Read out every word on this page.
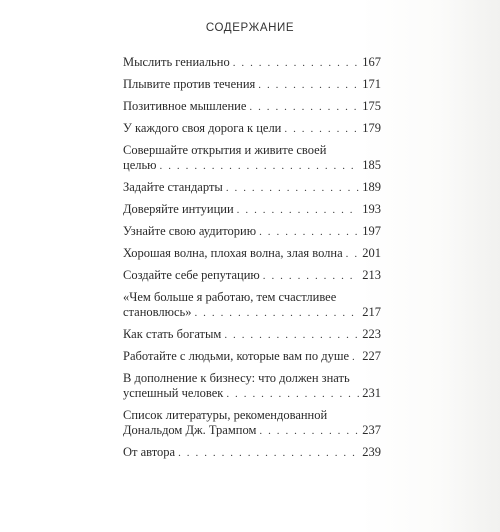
СОДЕРЖАНИЕ
Мыслить гениально . . .	167
Плывите против течения . . .	171
Позитивное мышление . . .	175
У каждого своя дорога к цели . . .	179
Совершайте открытия и живите своей
целью . . .	185
Задайте стандарты . . .	189
Доверяйте интуиции . . .	193
Узнайте свою аудиторию . . .	197
Хорошая волна, плохая волна, злая волна . . . 201
Создайте себе репутацию . . .	213
«Чем больше я работаю, тем счастливее
становлюсь» . . .	217
Как стать богатым . . .	223
Работайте с людьми, которые вам по душе . . . 227
В дополнение к бизнесу: что должен знать
успешный человек . . .	231
Список литературы, рекомендованной
Дональдом Дж. Трампом . . .	237
От автора . . .	239
